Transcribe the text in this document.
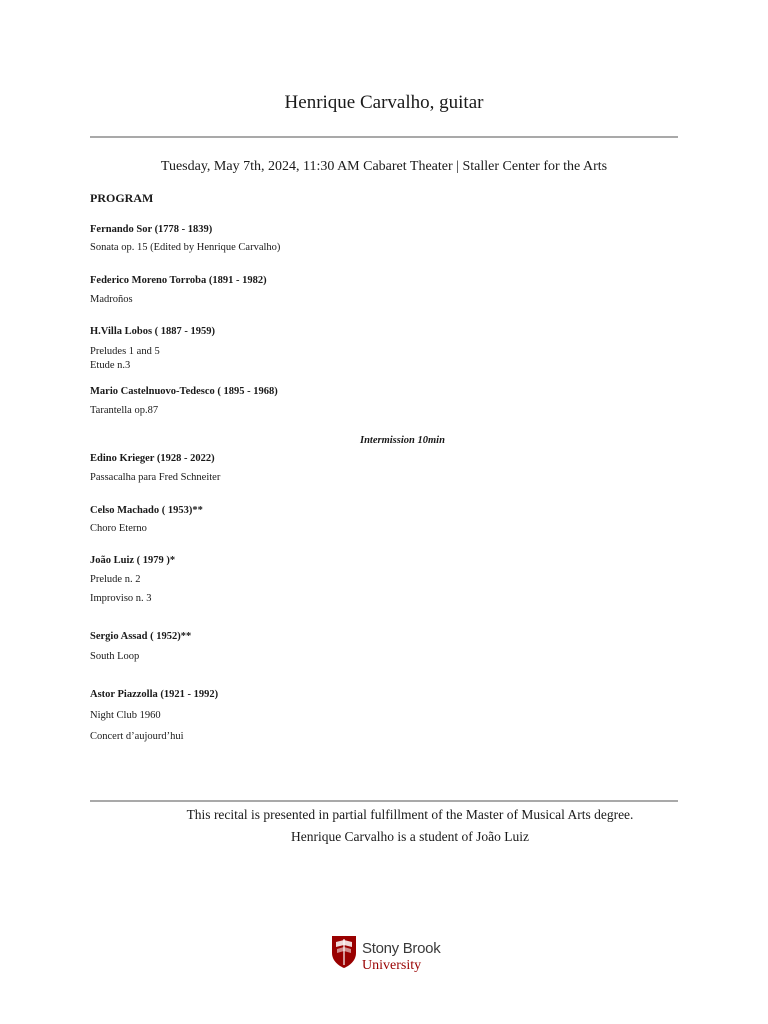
Henrique Carvalho, guitar
Tuesday, May 7th, 2024, 11:30 AM Cabaret Theater | Staller Center for the Arts
PROGRAM
Fernando Sor (1778 - 1839)
Sonata op. 15 (Edited by Henrique Carvalho)
Federico Moreno Torroba (1891 - 1982)
Madroños
H.Villa Lobos ( 1887 - 1959)
Preludes 1 and 5
Etude n.3
Mario Castelnuovo-Tedesco ( 1895 - 1968)
Tarantella op.87
Intermission 10min
Edino Krieger (1928 - 2022)
Passacalha para Fred Schneiter
Celso Machado ( 1953)**
Choro Eterno
João Luiz ( 1979 )*
Prelude n. 2
Improviso n. 3
Sergio Assad ( 1952)**
South Loop
Astor Piazzolla (1921 - 1992)
Night Club 1960
Concert d’aujourd’hui
This recital is presented in partial fulfillment of the Master of Musical Arts degree.
Henrique Carvalho is a student of João Luiz
Stony Brook
University
